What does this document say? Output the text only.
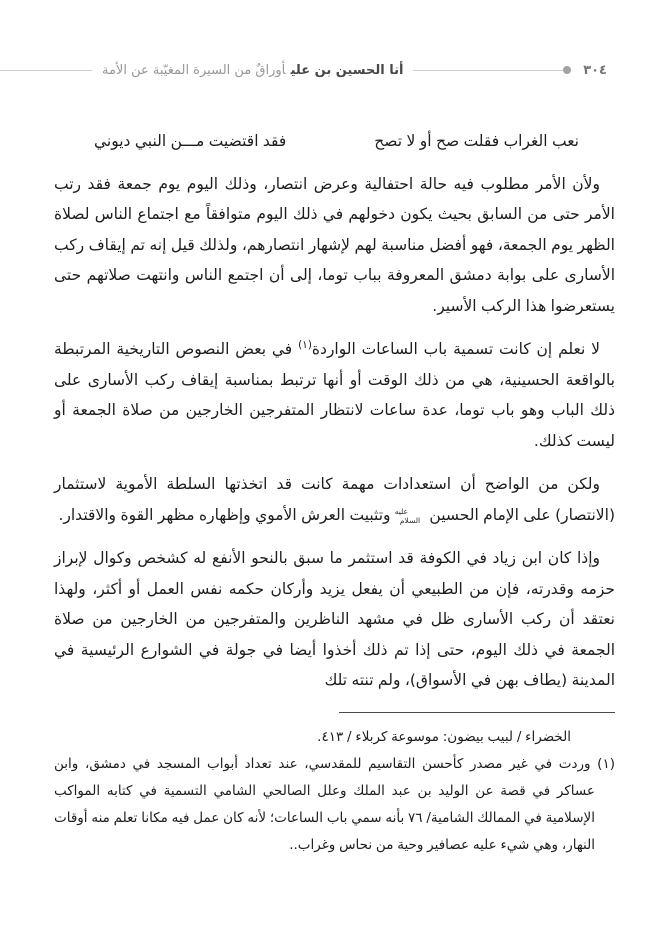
٣٠٤
أنا الحسين بن عليأوراقٌ من السيرة المغيّبة عن الأمة
نعب الغراب فقلت صح أو لا تصح
فقد اقتضيت مـــن النبي ديوني

ولأن الأمر مطلوب فيه حالة احتفالية وعرض انتصار، وذلك اليوم يوم جمعة فقد رتب الأمر حتى من السابق بحيث يكون دخولهم في ذلك اليوم متوافقاً مع اجتماع الناس لصلاة الظهر يوم الجمعة، فهو أفضل مناسبة لهم لإشهار انتصارهم، ولذلك قيل إنه تم إيقاف ركب الأسارى على بوابة دمشق المعروفة بباب توما، إلى أن اجتمع الناس وانتهت صلاتهم حتى يستعرضوا هذا الركب الأسير.

لا نعلم إن كانت تسمية باب الساعات الواردة$^{(١)}$ في بعض النصوص التاريخية المرتبطة بالواقعة الحسينية، هي من ذلك الوقت أو أنها ترتبط بمناسبة إيقاف ركب الأسارى على ذلك الباب وهو باب توما، عدة ساعات لانتظار المتفرجين الخارجين من صلاة الجمعة أو ليست كذلك.

ولكن من الواضح أن استعدادات مهمة كانت قد اتخذتها السلطة الأموية لاستثمار (الانتصار) على الإمام الحسين عليه السلام وتثبيت العرش الأموي وإظهاره مظهر القوة والاقتدار.

وإذا كان ابن زياد في الكوفة قد استثمر ما سبق بالنحو الأنفع له كشخص وكوال لإبراز حزمه وقدرته، فإن من الطبيعي أن يفعل يزيد وأركان حكمه نفس العمل أو أكثر، ولهذا نعتقد أن ركب الأسارى ظل في مشهد الناظرين والمتفرجين من الخارجين من صلاة الجمعة في ذلك اليوم، حتى إذا تم ذلك أخذوا أيضا في جولة في الشوارع الرئيسية في المدينة (يطاف بهن في الأسواق)، ولم تنته تلك

الخضراء / لبيب بيضون: موسوعة كربلاء / ٤١٣.

(١) وردت في غير مصدر كأحسن التقاسيم للمقدسي، عند تعداد أبواب المسجد في دمشق، وابن عساكر في قصة عن الوليد بن عبد الملك وعلل الصالحي الشامي التسمية في كتابه المواكب الإسلامية في الممالك الشامية/ ٧٦ بأنه سمي باب الساعات؛ لأنه كان عمل فيه مكانا تعلم منه أوقات النهار، وهي شيء عليه عصافير وحية من نحاس وغراب..
